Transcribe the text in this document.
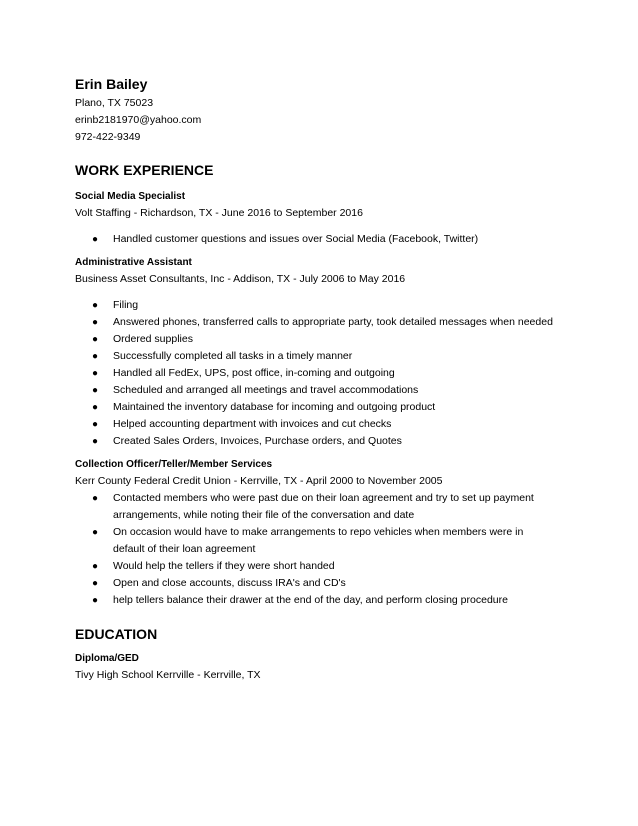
Erin Bailey

Plano, TX 75023

erinb2181970@yahoo.com

972-422-9349

WORK EXPERIENCE

Social Media Specialist

Volt Staffing - Richardson, TX - June 2016 to September 2016

● Handled customer questions and issues over Social Media (Facebook, Twitter)

Administrative Assistant

Business Asset Consultants, Inc - Addison, TX - July 2006 to May 2016

● Filing
● Answered phones, transferred calls to appropriate party, took detailed messages when needed
● Ordered supplies
● Successfully completed all tasks in a timely manner
● Handled all FedEx, UPS, post office, in-coming and outgoing
● Scheduled and arranged all meetings and travel accommodations
● Maintained the inventory database for incoming and outgoing product
● Helped accounting department with invoices and cut checks
● Created Sales Orders, Invoices, Purchase orders, and Quotes

Collection Officer/Teller/Member Services

Kerr County Federal Credit Union - Kerrville, TX - April 2000 to November 2005

● Contacted members who were past due on their loan agreement and try to set up payment arrangements, while noting their file of the conversation and date
● On occasion would have to make arrangements to repo vehicles when members were in default of their loan agreement
● Would help the tellers if they were short handed
● Open and close accounts, discuss IRA's and CD's
● help tellers balance their drawer at the end of the day, and perform closing procedure

EDUCATION

Diploma/GED

Tivy High School Kerrville - Kerrville, TX
